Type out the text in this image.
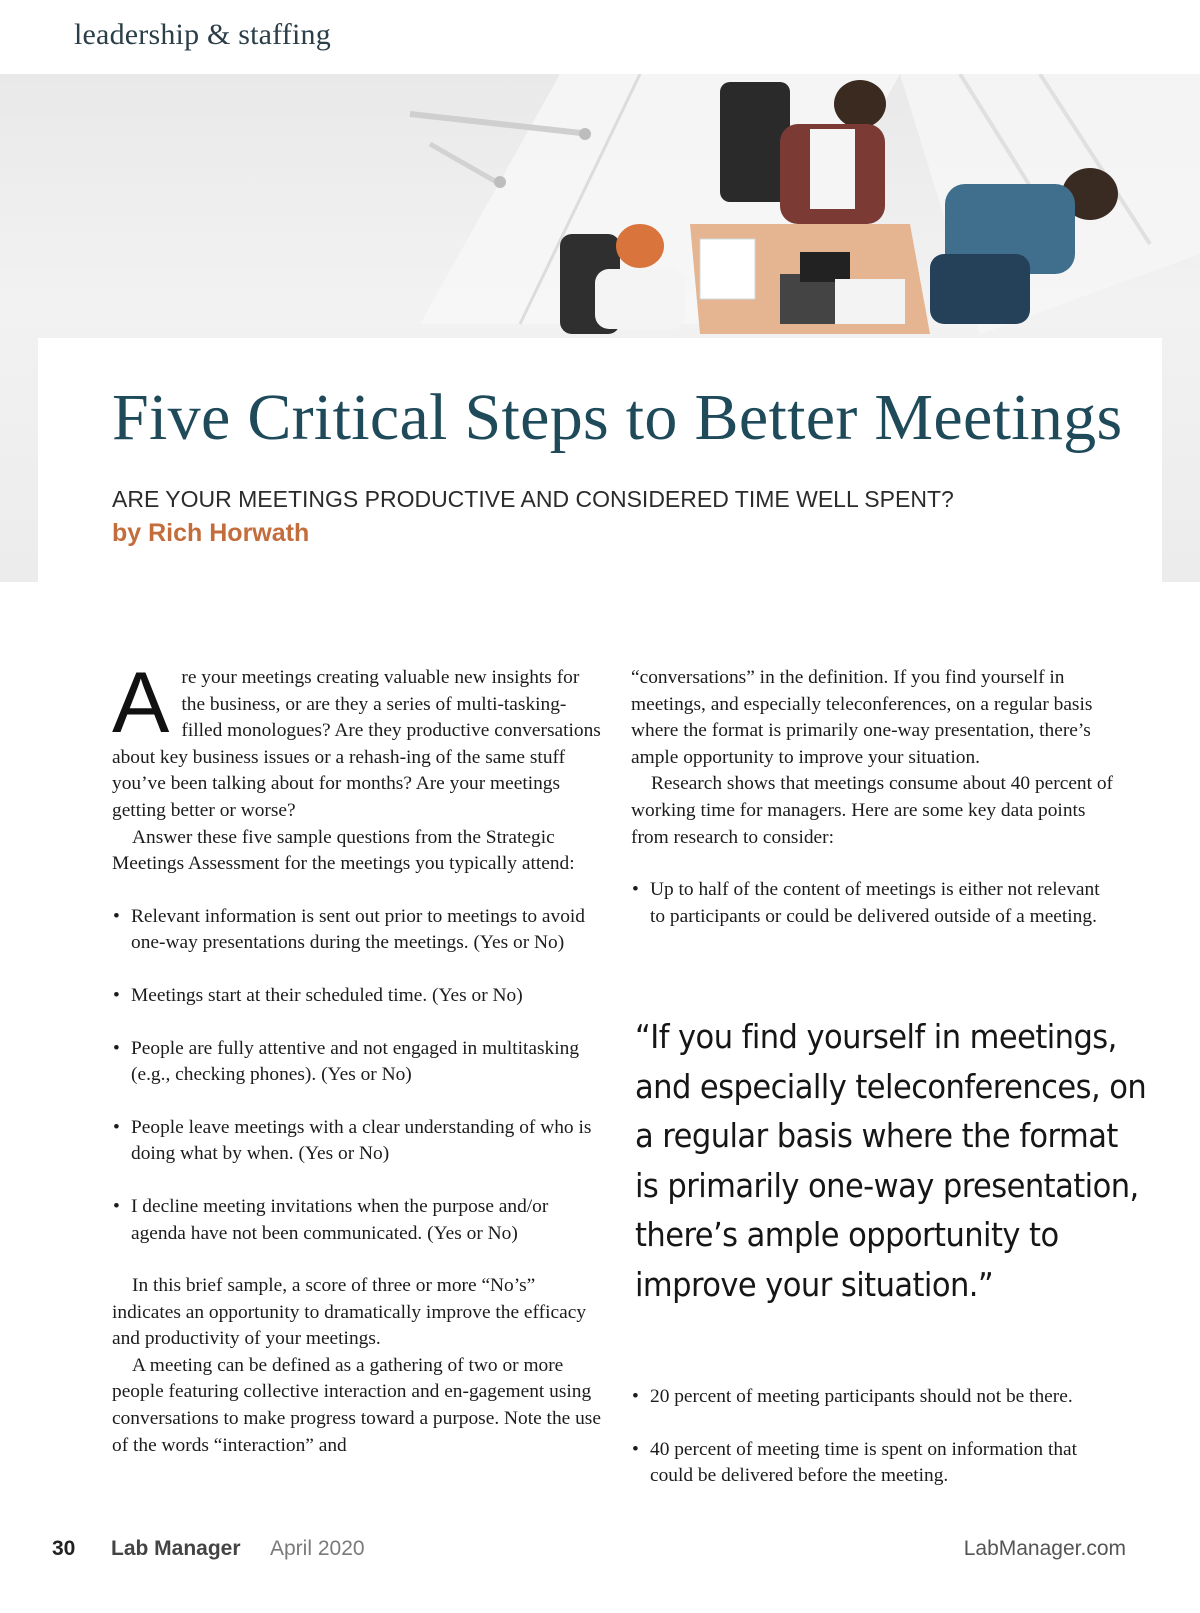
leadership & staffing
Five Critical Steps to Better Meetings
ARE YOUR MEETINGS PRODUCTIVE AND CONSIDERED TIME WELL SPENT?
by Rich Horwath

Are your meetings creating valuable new insights for the business, or are they a series of multi-tasking-filled monologues? Are they productive conversations about key business issues or a rehash-ing of the same stuff you’ve been talking about for months? Are your meetings getting better or worse?

Answer these five sample questions from the Strategic Meetings Assessment for the meetings you typically attend:

• Relevant information is sent out prior to meetings to avoid one-way presentations during the meetings. (Yes or No)
• Meetings start at their scheduled time. (Yes or No)
• People are fully attentive and not engaged in multitasking (e.g., checking phones). (Yes or No)
• People leave meetings with a clear understanding of who is doing what by when. (Yes or No)
• I decline meeting invitations when the purpose and/or agenda have not been communicated. (Yes or No)

In this brief sample, a score of three or more “No’s” indicates an opportunity to dramatically improve the efficacy and productivity of your meetings.

A meeting can be defined as a gathering of two or more people featuring collective interaction and en-gagement using conversations to make progress toward a purpose. Note the use of the words “interaction” and

“conversations” in the definition. If you find yourself in meetings, and especially teleconferences, on a regular basis where the format is primarily one-way presentation, there’s ample opportunity to improve your situation.

Research shows that meetings consume about 40 percent of working time for managers. Here are some key data points from research to consider:

• Up to half of the content of meetings is either not relevant to participants or could be delivered outside of a meeting.
“If you find yourself in meetings,
and especially teleconferences, on
a regular basis where the format
is primarily one-way presentation,
there’s ample opportunity to
improve your situation.”
• 20 percent of meeting participants should not be there.
• 40 percent of meeting time is spent on information that could be delivered before the meeting.
30 Lab Manager April 2020	LabManager.com
